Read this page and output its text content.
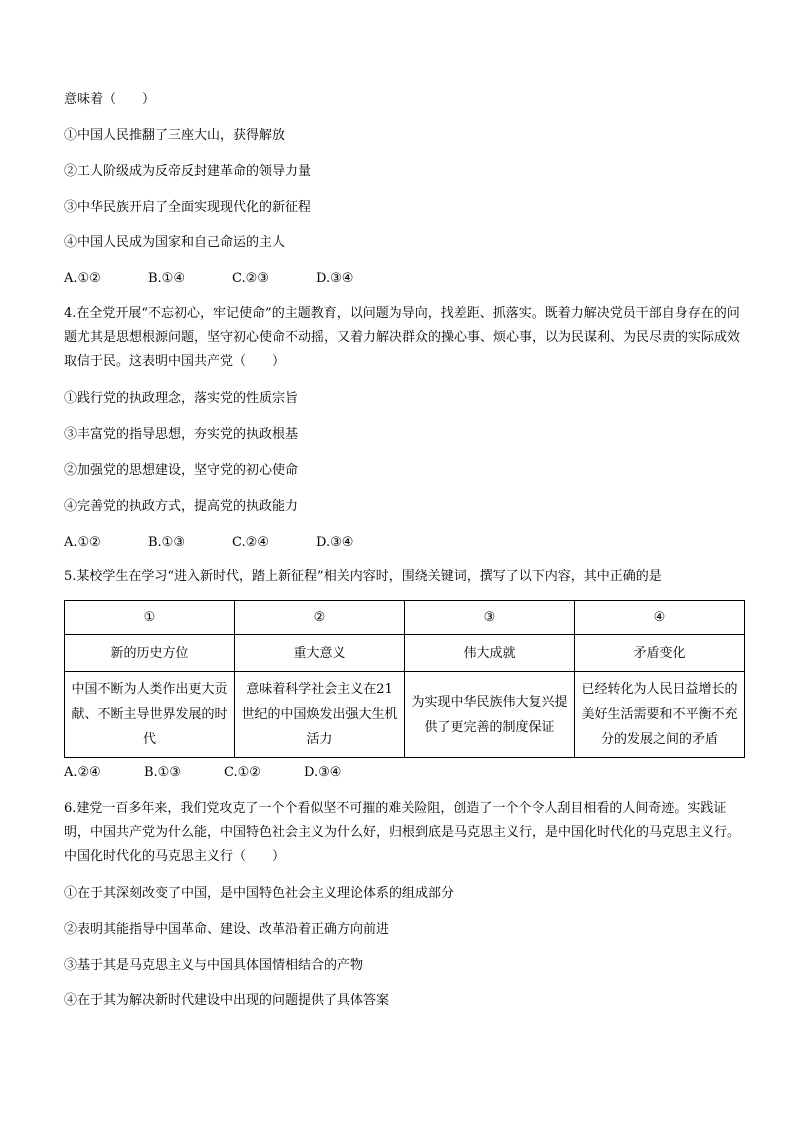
意味着（　　）
①中国人民推翻了三座大山，获得解放
②工人阶级成为反帝反封建革命的领导力量
③中华民族开启了全面实现现代化的新征程
④中国人民成为国家和自己命运的主人
A.①②	B.①④	C.②③	D.③④
4.在全党开展“不忘初心，牢记使命”的主题教育，以问题为导向，找差距、抓落实。既着力解决党员干部自身存在的问题尤其是思想根源问题，坚守初心使命不动摇，又着力解决群众的操心事、烦心事，以为民谋利、为民尽责的实际成效取信于民。这表明中国共产党（　　）
①践行党的执政理念，落实党的性质宗旨
③丰富党的指导思想，夯实党的执政根基
②加强党的思想建设，坚守党的初心使命
④完善党的执政方式，提高党的执政能力
A.①②	B.①③	C.②④	D.③④
5.某校学生在学习“进入新时代，踏上新征程”相关内容时，围绕关键词，撰写了以下内容，其中正确的是
①	②	③	④
新的历史方位	重大意义	伟大成就	矛盾变化
中国不断为人类作出更大贡献、不断主导世界发展的时代	意味着科学社会主义在21世纪的中国焕发出强大生机活力	为实现中华民族伟大复兴提供了更完善的制度保证	已经转化为人民日益增长的美好生活需要和不平衡不充分的发展之间的矛盾
A.②④	B.①③	C.①②	D.③④
6.建党一百多年来，我们党攻克了一个个看似坚不可摧的难关险阻，创造了一个个令人刮目相看的人间奇迹。实践证明，中国共产党为什么能，中国特色社会主义为什么好，归根到底是马克思主义行，是中国化时代化的马克思主义行。中国化时代化的马克思主义行（　　）
①在于其深刻改变了中国，是中国特色社会主义理论体系的组成部分
②表明其能指导中国革命、建设、改革沿着正确方向前进
③基于其是马克思主义与中国具体国情相结合的产物
④在于其为解决新时代建设中出现的问题提供了具体答案
